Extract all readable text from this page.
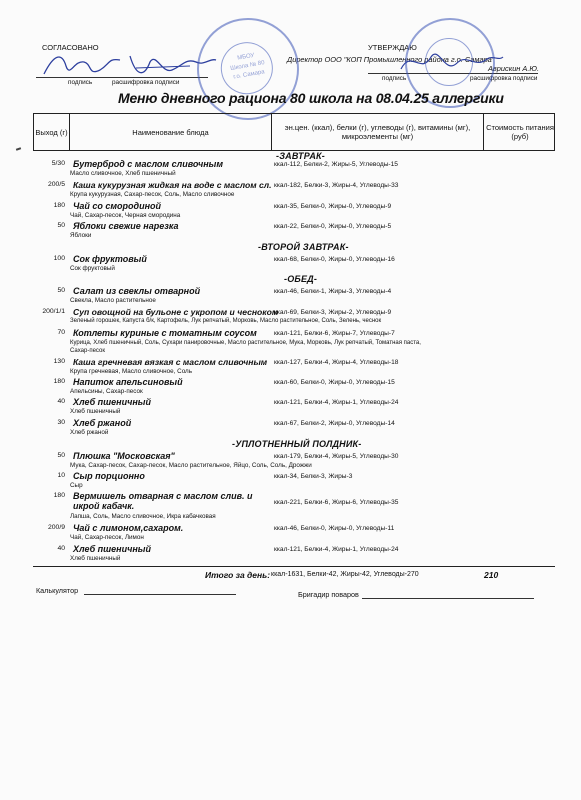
СОГЛАСОВАНО
подпись	расшифровка подписи
УТВЕРЖДАЮ
Директор ООО "КОП Промышленного района г.о. Самара"
Аврискин А.Ю.
подпись	расшифровка подписи
МБОУ
Школа № 80
г.о. Самара
Меню дневного рациона 80 школа на 08.04.25 аллергики
Выход (г)	Наименование блюда	эн.цен. (ккал), белки (г), углеводы (г), витамины (мг), микроэлементы (мг)
Стоимость питания (руб)
-ЗАВТРАК-
5/30 Бутерброд с маслом сливочным	ккал-112, Белки-2, Жиры-5, Углеводы-15
Масло сливочное, Хлеб пшеничный
200/5 Каша кукурузная жидкая на воде с маслом сл. ккал-182, Белки-3, Жиры-4, Углеводы-33
Крупа кукурузная, Сахар-песок, Соль, Масло сливочное
180 Чай со смородиной	ккал-35, Белки-0, Жиры-0, Углеводы-9
Чай, Сахар-песок, Черная смородина
50 Яблоки свежие нарезка	ккал-22, Белки-0, Жиры-0, Углеводы-5
Яблоки
-ВТОРОЙ ЗАВТРАК-
100 Сок фруктовый	ккал-68, Белки-0, Жиры-0, Углеводы-16
Сок фруктовый
-ОБЕД-
50 Салат из свеклы отварной	ккал-46, Белки-1, Жиры-3, Углеводы-4
Свекла, Масло растительное
200/1/1 Суп овощной на бульоне с укропом и чесноком
ккал-69, Белки-3, Жиры-2, Углеводы-9
Зеленый горошек, Капуста б/к, Картофель, Лук репчатый, Морковь, Масло растительное, Соль, Зелень, чеснок
70 Котлеты куриные с томатным соусом	ккал-121, Белки-6, Жиры-7, Углеводы-7
Курица, Хлеб пшеничный, Соль, Сухари панировочные, Масло растительное, Мука, Морковь, Лук репчатый, Томатная паста, Сахар-песок
130 Каша гречневая вязкая с маслом сливочным ккал-127, Белки-4, Жиры-4, Углеводы-18
Крупа гречневая, Масло сливочное, Соль
180 Напиток апельсиновый	ккал-60, Белки-0, Жиры-0, Углеводы-15
Апельсины, Сахар-песок
40 Хлеб пшеничный	ккал-121, Белки-4, Жиры-1, Углеводы-24
Хлеб пшеничный
30 Хлеб ржаной	ккал-67, Белки-2, Жиры-0, Углеводы-14
Хлеб ржаной
-УПЛОТНЕННЫЙ ПОЛДНИК-
50 Плюшка "Московская"	ккал-179, Белки-4, Жиры-5, Углеводы-30
Мука, Сахар-песок, Сахар-песок, Масло растительное, Яйцо, Соль, Соль, Дрожжи
10 Сыр порционно	ккал-34, Белки-3, Жиры-3
Сыр
180 Вермишель отварная с маслом слив. и икрой кабачк.	ккал-221, Белки-6, Жиры-6, Углеводы-35
Лапша, Соль, Масло сливочное, Икра кабачковая
200/9 Чай с лимоном,сахаром.	ккал-46, Белки-0, Жиры-0, Углеводы-11
Чай, Сахар-песок, Лимон
40 Хлеб пшеничный	ккал-121, Белки-4, Жиры-1, Углеводы-24
Хлеб пшеничный
Итого за день: ккал-1631, Белки-42, Жиры-42, Углеводы-270	210
Калькулятор	Бригадир поваров
